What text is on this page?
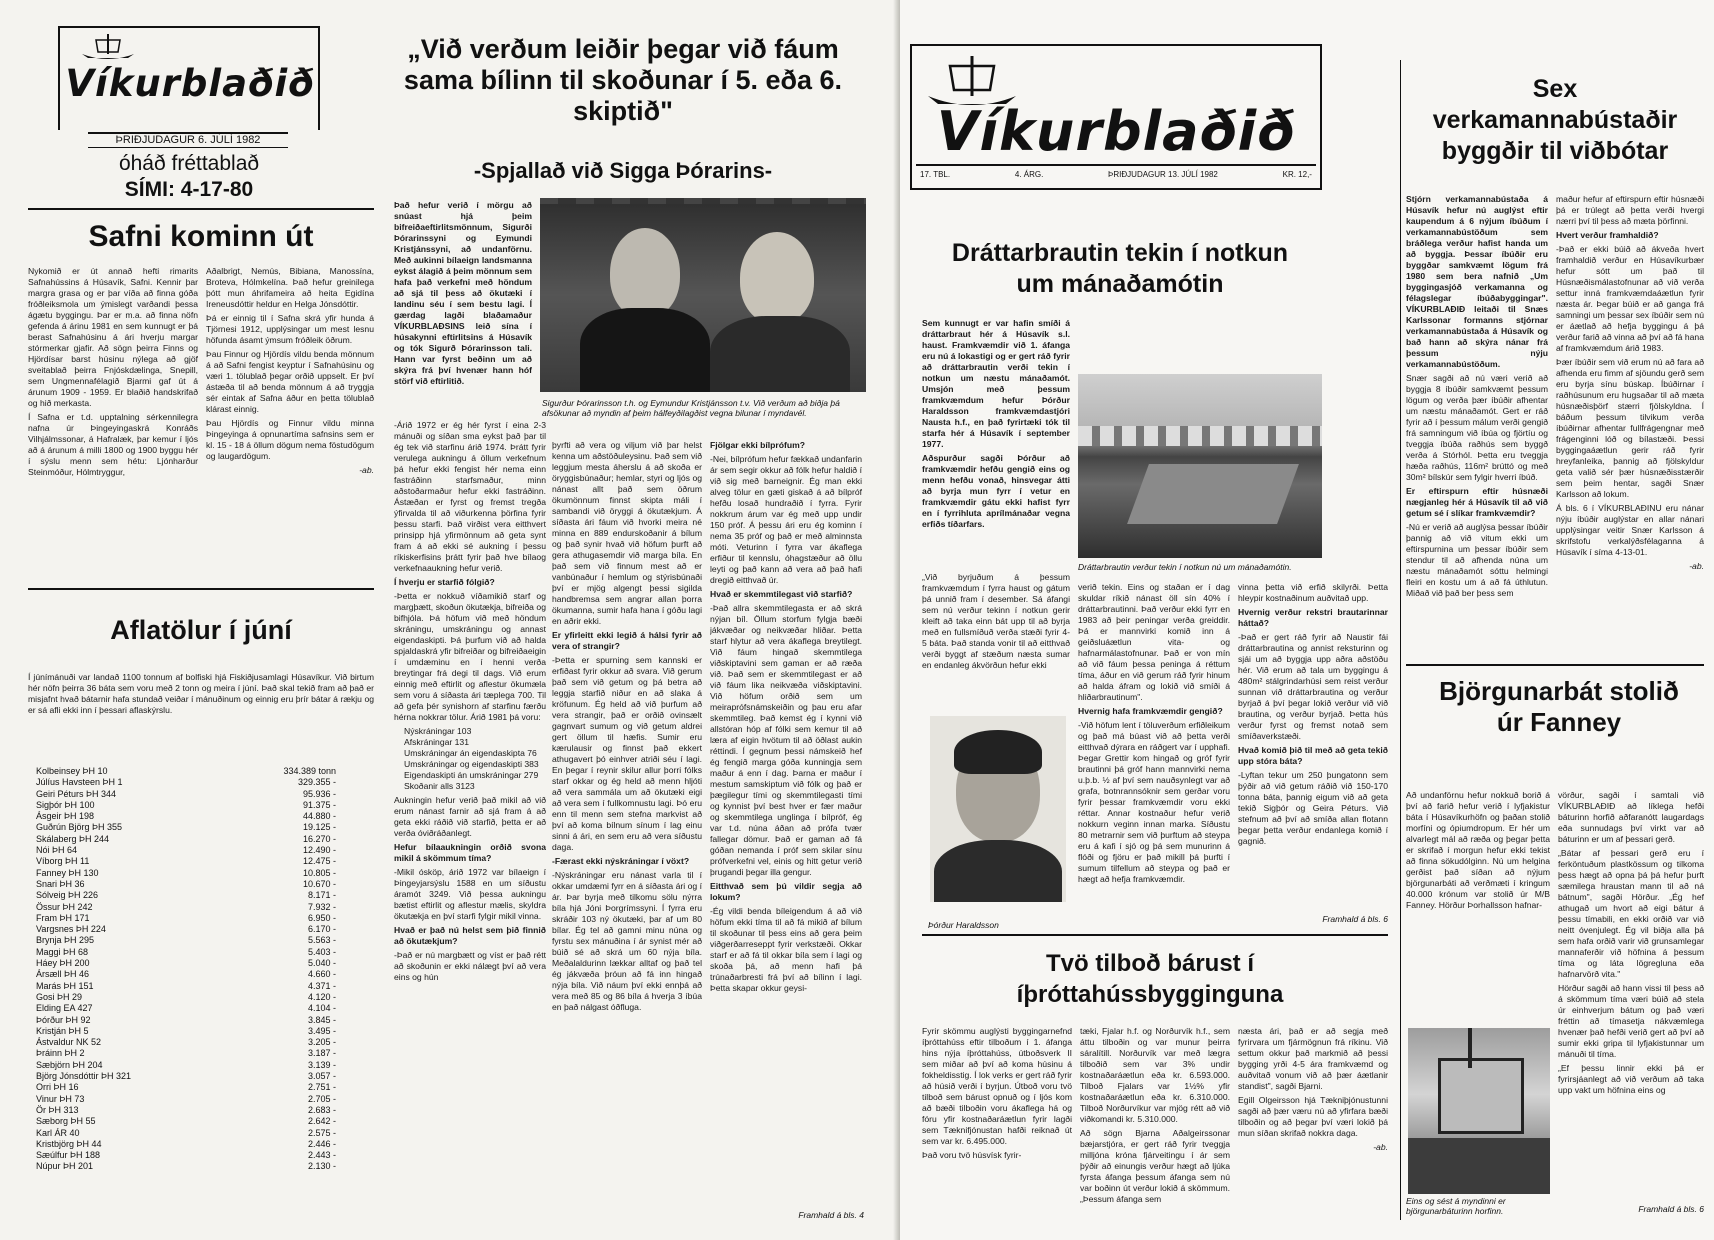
Víkurblaðið
ÞRIÐJUDAGUR 6. JÚLÍ 1982
óháð fréttablað
SÍMI: 4-17-80
Safni kominn út

Nykomið er út annað hefti rimarits Safnahússins á Húsavík, Safni. Kennir þar margra grasa og er þar víða að finna góða fróðleiksmola um ýmislegt varðandi þessa ágætu byggingu. Þar er m.a. að finna nöfn gefenda á árinu 1981 en sem kunnugt er þá berast Safnahúsinu á ári hverju margar stórmerkar gjafir. Að sögn þeirra Finns og Hjördísar barst húsinu nýlega að gjöf sveitablað þeirra Fnjóskdælinga, Snepill, sem Ungmennafélagið Bjarmi gaf út á árunum 1909 - 1959. Er blaðið handskrifað og hið merkasta.

Í Safna er t.d. upptalning sérkennilegra nafna úr Þingeyingaskrá Konráðs Vilhjálmssonar, á Hafralæk, þar kemur í ljós að á árunum á milli 1800 og 1900 byggu hér í sýslu menn sem hétu: Ljónharður Steinmóður, Hólmtryggur,

Aðalbrigt, Nemús, Bibiana, Manossína, Broteva, Hólmkelína. Það hefur greinilega þótt mun áhrifameira að heita Egidína Ireneusdóttir heldur en Helga Jónsdóttir.

Þá er einnig til í Safna skrá yfir hunda á Tjörnesi 1912, upplýsingar um mest lesnu höfunda ásamt ýmsum fróðleik öðrum.

Þau Finnur og Hjördís vildu benda mönnum á að Safni fengist keyptur í Safnahúsinu og væri 1. tölublað þegar orðið uppselt. Er því ástæða til að benda mönnum á að tryggja sér eintak af Safna áður en þetta tölublað klárast einnig.

Þau Hjördís og Finnur vildu minna Þingeyinga á opnunartíma safnsins sem er kl. 15 - 18 á öllum dögum nema föstudögum og laugardögum.

-ab.

Aflatölur í júní
Í júnímánuði var landað 1100 tonnum af bolfiski hjá Fiskiðjusamlagi Húsavíkur. Við birtum hér nöfn þeirra 36 báta sem voru með 2 tonn og meira í júní. Það skal tekið fram að það er misjafnt hvað bátarnir hafa stundað veiðar í mánuðinum og einnig eru þrír bátar á rækju og er sá afli ekki inn í þessari aflaskýrslu.
Kolbeinsey ÞH 10	334.389 tonn
Júlíus Havsteen ÞH 1	329.355 -
Geiri Péturs ÞH 344	95.936 -
Sigþór ÞH 100	91.375 -
Ásgeir ÞH 198	44.880 -
Guðrún Björg ÞH 355	19.125 -
Skálaberg ÞH 244	16.270 -
Nói ÞH 64	12.490 -
Víborg ÞH 11	12.475 -
Fanney ÞH 130	10.805 -
Snari ÞH 36	10.670 -
Sólveig ÞH 226	8.171 -
Össur ÞH 242	7.932 -
Fram ÞH 171	6.950 -
Vargsnes ÞH 224	6.170 -
Brynja ÞH 295	5.563 -
Maggi ÞH 68	5.403 -
Háey ÞH 200	5.040 -
Ársæll ÞH 46	4.660 -
Marás ÞH 151	4.371 -
Gosi ÞH 29	4.120 -
Elding EA 427	4.104 -
Þórður ÞH 92	3.845 -
Kristján ÞH 5	3.495 -
Ástvaldur NK 52	3.205 -
Þráinn ÞH 2	3.187 -
Sæbjörn ÞH 204	3.139 -
Björg Jónsdóttir ÞH 321	3.057 -
Orri ÞH 16	2.751 -
Vinur ÞH 73	2.705 -
Ör ÞH 313	2.683 -
Sæborg ÞH 55	2.642 -
Karl ÁR 40	2.575 -
Kristbjörg ÞH 44	2.446 -
Sæúlfur ÞH 188	2.443 -
Núpur ÞH 201	2.130 -
„Við verðum leiðir þegar við fáum sama bílinn til skoðunar í 5. eða 6. skiptið"
-Spjallað við Sigga Þórarins-
Það hefur verið í mörgu að snúast hjá þeim bifreiðaeftirlitsmönnum, Sigurði Þórarinssyni og Eymundi Kristjánssyni, að undanförnu. Með aukinni bílaeign landsmanna eykst álagið á þeim mönnum sem hafa það verkefni með höndum að sjá til þess að ökutæki í landinu séu í sem bestu lagi. Í gærdag lagði blaðamaður VÍKURBLAÐSINS leið sína í húsakynni eftirlitsins á Húsavík og tók Sigurð Þórarinsson tali. Hann var fyrst beðinn um að skýra frá því hvenær hann hóf störf við eftirlitið.
Sigurður Þórarinsson t.h. og Eymundur Kristjánsson t.v. Við verðum að biðja þá afsökunar að myndin af þeim hálfeyðilagðist vegna bilunar í myndavél.

-Árið 1972 er ég hér fyrst í eina 2-3 mánuði og síðan sma eykst það þar til ég tek við starfinu árið 1974. Þrátt fyrir verulega aukningu á öllum verkefnum þá hefur ekki fengist hér nema einn fastráðinn starfsmaður, minn aðstoðarmaður hefur ekki fastráðinn. Ástæðan er fyrst og fremst tregða ýfirvalda til að viðurkenna þörfina fyrir þessu starfi. Það virðist vera eitthvert prinsipp hjá yfirmönnum að geta synt fram á að ekki sé aukning í þessu ríkiskerfisins þrátt fyrir það hve bílaog verkefnaaukning hefur verið.

Í hverju er starfið fólgið?

-Þetta er nokkuð víðamikið starf og margþætt, skoðun ökutækja, bifreiða og bifhjóla. Þá höfum við með höndum skráningu, umskráningu og annast eigendaskipti. Þá þurfum við að halda spjaldaskrá yfir bifreiðar og bifreiðaeigin í umdæminu en í henni verða breytingar frá degi til dags. Við erum einnig með eftirlit og aflestur ökumæla sem voru á síðasta ári tæplega 700. Til að gefa þér synishorn af starfinu færðu hérna nokkrar tölur. Árið 1981 þá voru:

Nýskráningar 103
Afskráningar 131
Umskráningar án eigendaskipta 76
Umskráningar og eigendaskipti 383
Eigendaskipti án umskráningar 279
Skoðanir alls 3123

Aukningin hefur verið það mikil að við erum nánast farnir að sjá fram á að geta ekki ráðið við starfið, þetta er að verða óviðráðanlegt.

Hefur bílaaukningin orðið svona mikil á skömmum tíma?

-Mikil ósköp, árið 1972 var bílaeign í Þingeyjarsýslu 1588 en um síðustu áramót 3249. Við þessa aukningu bætist eftirlit og aflestur mælis, skyldra ökutækja en því starfi fylgir mikil vinna.

Hvað er það nú helst sem þið finnið að ökutækjum?

-Það er nú margbætt og víst er það rétt að skoðunin er ekki nálægt því að vera eins og hún

þyrfti að vera og viljum við þar helst kenna um aðstöðuleysinu. Það sem við leggjum mesta áherslu á að skoða er öryggisbúnaður; hemlar, styri og ljós og nánast allt það sem öðrum ökumönnum finnst skipta máli í sambandi við öryggi á ökutækjum. Á síðasta ári fáum við hvorki meira né minna en 889 endurskoðanir á bílum og það synir hvað við höfum þurft að gera athugasemdir við marga bíla. En það sem við finnum mest að er vanbúnaður í hemlum og stýrisbúnaði því er mjög algengt þessi sigilda handbremsa sem angrar allan þorra ökumanna, sumir hafa hana í góðu lagi en aðrir ekki.

Er yfirleitt ekki legið á hálsi fyrir að vera of strangir?

-Þetta er spurning sem kannski er erfiðast fyrir okkur að svara. Við gerum það sem við getum og þá betra að leggja starfið niður en að slaka á kröfunum. Ég held að við þurfum að vera strangir, það er orðið ovinsælt gagnvart sumum og við getum aldrei gert öllum til hæfis. Sumir eru kærulausir og finnst það ekkert athugavert þó einhver atriði séu í lagi. En þegar í reynir skilur allur þorri fólks starf okkar og ég held að menn hljóti að vera sammála um að ökutæki eigi að vera sem í fullkomnustu lagi. Þó eru enn til menn sem stefna markvist að því að koma bílnum sínum í lag einu sinni á ári, en sem eru að vera síðustu daga.

-Færast ekki nýskráningar í vöxt?

-Nýskráningar eru nánast varla til í okkar umdæmi fyrr en á síðasta ári og í ár. Þar byrja með tilkomu sölu nýrra bíla hjá Jóni Þorgrímssyni. Í fyrra eru skráðir 103 ný ökutæki, þar af um 80 bílar. Ég tel að gamni minu núna og fyrstu sex mánuðina í ár synist mér að búið sé að skrá um 60 nýja bíla. Meðalaldurinn lækkar alltaf og það tel ég jákvæða þróun að fá inn hingað nýja bíla. Við náum því ekki ennþá að vera með 85 og 86 bíla á hverja 3 íbúa en það nálgast óðfluga.

Fjölgar ekki bílprófum?

-Nei, bílprófum hefur fækkað undanfarin ár sem segir okkur að fólk hefur haldið í við sig með barneignir. Ég man ekki alveg tölur en gæti giskað á að bílpróf hefðu losað hundraðið í fyrra. Fyrir nokkrum árum var ég með upp undir 150 próf. Á þessu ári eru ég kominn í nema 35 próf og það er með alminnsta móti. Veturinn í fyrra var ákaflega erfiður til kennslu, óhagstæður að öllu leyti og það kann að vera að það hafi dregið eitthvað úr.

Hvað er skemmtilegast við starfið?

-Það allra skemmtilegasta er að skrá nýjan bíl. Öllum storfum fylgja bæði jákvæðar og neikvæðar hliðar. Þetta starf hlytur að vera ákaflega breytilegt. Við fáum hingað skemmtilega viðskiptavini sem gaman er að ræða við. Það sem er skemmtilegast er að við fáum lika neikvæða viðskiptavini. Við höfum orðið sem um meiraprófsnámskeiðin og þau eru afar skemmtileg. Það kemst ég í kynni við allstóran hóp af fólki sem kemur til að læra af eigin hvötum til að öðlast aukin réttindi. Í gegnum þessi námskeið hef ég fengið marga góða kunningja sem maður á enn í dag. Þarna er maður í mestum samskiptum við fólk og það er þægilegur tími og skemmtilegasti tími og kynnist því best hver er fær maður og skemmtilega unglinga í bílpróf, ég var t.d. núna áðan að prófa tvær fallegar dömur. Það er gaman að fá góðan nemanda í próf sem skilar sínu prófverkefni vel, einis og hitt getur verið þrugandi þegar illa gengur.

Eitthvað sem þú vildir segja að lokum?

-Ég vildi benda bíleigendum á að við höfum ekki tíma til að fá mikið af bílum til skoðunar til þess eins að gera þeim viðgerðarreseppt fyrir verkstæði. Okkar starf er að fá til okkar bíla sem í lagi og skoða þá, að menn hafi þá trúnaðarbresti frá því að bílinn í lagi. Þetta skapar okkur geysi-

Framhald á bls. 4
Víkurblaðið
17. TBL.	4. ÁRG.	ÞRIÐJUDAGUR 13. JÚLÍ 1982	KR. 12,-
Dráttarbrautin tekin í notkun um mánaðamótin

Sem kunnugt er var hafin smíði á dráttarbraut hér á Húsavík s.l. haust. Framkvæmdir við 1. áfanga eru nú á lokastigi og er gert ráð fyrir að dráttarbrautin verði tekin í notkun um næstu mánaðamót. Umsjón með þessum framkvæmdum hefur Þórður Haraldsson framkvæmdastjóri Nausta h.f., en það fyrirtæki tók til starfa hér á Húsavík í september 1977.

Aðspurður sagði Þórður að framkvæmdir hefðu gengið eins og menn hefðu vonað, hinsvegar átti að byrja mun fyrr í vetur en framkvæmdir gátu ekki hafist fyrr en í fyrrihluta aprílmánaðar vegna erfiðs tíðarfars.

Dráttarbrautin verður tekin í notkun nú um mánaðamótin.
„Við byrjuðum á þessum framkvæmdum í fyrra haust og gátum þá unnið fram í desember. Sá áfangi sem nú verður tekinn í notkun gerir kleift að taka einn bát upp til að byrja með en fullsmíðuð verða stæði fyrir 4-5 báta. Það standa vonir til að eitthvað verði byggt af stæðum næsta sumar en endanleg ákvörðun hefur ekki
Þórður Haraldsson

verið tekin. Eins og staðan er í dag skuldar ríkið nánast öll sín 40% í dráttarbrautinni. Það verður ekki fyrr en 1983 að þeir peningar verða greiddir. Þá er mannvirki komið inn á geiðsluáætlun vita- og hafnarmálastofnunar. Það er von mín að við fáum þessa peninga á réttum tíma, áður en við gerum ráð fyrir hinum að halda áfram og lokið við smíði á hliðarbrautinum".

Hvernig hafa framkvæmdir gengið?

-Við höfum lent í töluverðum erfiðleikum og það má búast við að þetta verði eitthvað dýrara en ráðgert var í upphafi. Þegar Grettir kom hingað og gróf fyrir brautinni þá gróf hann mannvirki nema u.þ.b. ½ af því sem nauðsynlegt var að grafa, botnrannsóknir sem gerðar voru fyrir þessar framkvæmdir voru ekki réttar. Annar kostnaður hefur verið nokkurn veginn innan marka. Síðustu 80 metrarnir sem við þurftum að steypa eru á kafi í sjó og þá sem munurinn á flóði og fjöru er það mikill þá þurfti í sumum tilfellum að steypa og það er hægt að hefja framkvæmdir.

vinna þetta við erfið skilyrði. Þetta hleypir kostnaðinum auðvitað upp.

Hvernig verður rekstri brautarinnar háttað?

-Það er gert ráð fyrir að Naustir fái dráttarbrautina og annist reksturinn og sjái um að byggja upp aðra aðstöðu hér. Við erum að tala um byggingu á 480m² stálgrindarhúsi sem reist verður sunnan við dráttarbrautina og verður byrjað á því þegar lokið verður við við brautina, og verður byrjað. Þetta hús verður fyrst og fremst notað sem smíðaverkstæði.

Hvað komið þið til með að geta tekið upp stóra báta?

-Lyftan tekur um 250 þungatonn sem þýðir að við getum ráðið við 150-170 tonna báta, þannig eigum við að geta tekið Sigþór og Geira Péturs. Við stefnum að því að smíða allan flotann þegar þetta verður endanlega komið í gagnið.

Framhald á bls. 6
Tvö tilboð bárust í íþróttahússbygginguna

Fyrir skömmu auglýsti byggingarnefnd íþróttahúss eftir tilboðum í 1. áfanga hins nýja íþróttahúss, útboðsverk II sem miðar að því að koma húsinu á fokheldisstig. Í lok verks er gert ráð fyrir að húsið verði í byrjun. Útboð voru tvö tilboð sem bárust opnuð og í ljós kom að bæði tilboðin voru ákaflega há og fóru yfir kostnaðaráætlun fyrir lagði sem Tæknifjónustan hafði reiknað út sem var kr. 6.495.000.

Það voru tvö húsvísk fyrir-

tæki, Fjalar h.f. og Norðurvík h.f., sem áttu tilboðin og var munur þeirra sáralítill. Norðurvík var með lægra tilboðið sem var 3% undir kostnaðaráætlun eða kr. 6.593.000. Tilboð Fjalars var 1½% yfir kostnaðaráætlun eða kr. 6.310.000. Tilboð Norðurvíkur var mjög rétt að við viðkomandi kr. 5.310.000.

Að sögn Bjarna Aðalgeirssonar bæjarstjóra, er gert ráð fyrir tveggja milljóna króna fjárveitingu í ár sem þýðir að einungis verður hægt að ljúka fyrsta áfanga þessum áfanga sem nú var boðinn út verður lokið á skömmum. „Þessum áfanga sem

næsta ári, það er að segja með fyrirvara um fjármögnun frá ríkinu. Við settum okkur það markmið að þessi bygging yrði 4-5 ára framkvæmd og auðvitað vonum við að þær áætlanir standist", sagði Bjarni.

Egill Olgeirsson hjá Tækniþjónustunni sagði að þær væru nú að yfirfara bæði tilboðin og að þegar því væri lokið þá mun síðan skrifað nokkra daga.

-ab.

Sex verkamannabústaðir byggðir til viðbótar

Stjórn verkamannabústaða á Húsavík hefur nú auglýst eftir kaupendum á 6 nýjum íbúðum í verkamannabústöðum sem bráðlega verður hafist handa um að byggja. Þessar íbúðir eru byggðar samkvæmt lögum frá 1980 sem bera nafnið „Um byggingasjóð verkamanna og félagslegar íbúðabyggingar". VÍKURBLAÐIÐ leitaði til Snæs Karlssonar formanns stjórnar verkamannabústaða á Húsavík og bað hann að skýra nánar frá þessum nýju verkamannabústöðum.

Snær sagði að nú væri verið að byggja 8 íbúðir samkvæmt þessum lögum og verða þær íbúðir afhentar um næstu mánaðamót. Gert er ráð fyrir að í þessum málum verði gengið frá samningum við íbúa og fjörtíu og tveggja íbúða raðhús sem byggð verða á Stórhól. Þetta eru tveggja hæða raðhús, 116m² brúttó og með 30m² bílskúr sem fylgir hverri íbúð.

Er eftirspurn eftir húsnæði nægjanleg hér á Húsavík til að við getum sé í slíkar framkvæmdir?

-Nú er verið að auglýsa þessar íbúðir þannig að við vitum ekki um eftirspurnina um þessar íbúðir sem stendur til að afhenda núna um næstu mánaðamót sóttu helmingi fleiri en kostu um á að fá úthlutun. Miðað við það ber þess sem

maður hefur af eftirspurn eftir húsnæði þá er trúlegt að þetta verði hvergi nærri því til þess að mæta þörfinni.

Hvert verður framhaldið?

-Það er ekki búið að ákveða hvert framhaldið verður en Húsavíkurbær hefur sótt um það til Húsnæðismálastofnunar að við verða settur inná framkvæmdaáætlun fyrir næsta ár. Þegar búið er að ganga frá samningi um þessar sex íbúðir sem nú er áætlað að hefja byggingu á þá verður farið að vinna að því að fá hana af framkvæmdum árið 1983.

Þær íbúðir sem við erum nú að fara að afhenda eru fimm af sjöundu gerð sem eru byrja sínu búskap. Íbúðirnar í raðhúsunum eru hugsaðar til að mæta húsnæðisþörf stærri fjölskyldna. Í báðum þessum tilvikum verða íbúðirnar afhentar fullfrágengnar með frágenginni lóð og bílastæði. Þessi byggingaáætlun gerir ráð fyrir hreyfanleika, þannig að fjölskyldur geta valið sér þær húsnæðisstærðir sem þeim hentar, sagði Snær Karlsson að lokum.

Á bls. 6 í VÍKURBLAÐINU eru nánar nýju íbúðir auglýstar en allar nánari upplýsingar veitir Snær Karlsson á skrifstofu verkalýðsfélaganna á Húsavík í síma 4-13-01.

-ab.

Björgunarbát stolið úr Fanney
Að undanförnu hefur nokkuð borið á því að farið hefur verið í lyfjakistur báta í Húsavíkurhöfn og þaðan stolið morfíni og ópiumdropum. Er hér um alvarlegt mál að ræða og þegar þetta er skrifað í morgun hefur ekki tekist að finna sökudólginn. Nú um helgina gerðist það síðan að nýjum björgunarbáti að verðmæti í kringum 40.000 krónum var stolið úr M/B Fanney. Hörður Þorhallsson hafnar-
Eins og sést á myndinni er björgunarbáturinn horfinn.

vörður, sagði í samtali við VÍKURBLAÐIÐ að líklega hefði báturinn horfið aðfaranótt laugardags eða sunnudags því virkt var að báturinn er um af þessari gerð.

„Bátar af þessari gerð eru í ferköntuðum plastkössum og tilkoma þess hægt að opna þá þá hefur þurft sæmilega hraustan mann til að ná bátnum", sagði Hörður. „Ég hef athugað um hvort að eigi bátur á þessu tímabili, en ekki orðið var við neitt óvenjulegt. Ég vil biðja alla þá sem hafa orðið varir við grunsamlegar mannaferðir við höfnina á þessum tíma og láta lögregluna eða hafnarvörð vita."

Hörður sagði að hann vissi til þess að á skömmum tíma væri búið að stela úr einhverjum bátum og það væri fréttin að tímasetja nákvæmlega hvenær það hefði verið gert að því að sumir ekki gripa til lyfjakistunnar um mánuði til tíma.

„Ef þessu linnir ekki þá er fyrirsjáanlegt að við verðum að taka upp vakt um höfnina eins og

Framhald á bls. 6
